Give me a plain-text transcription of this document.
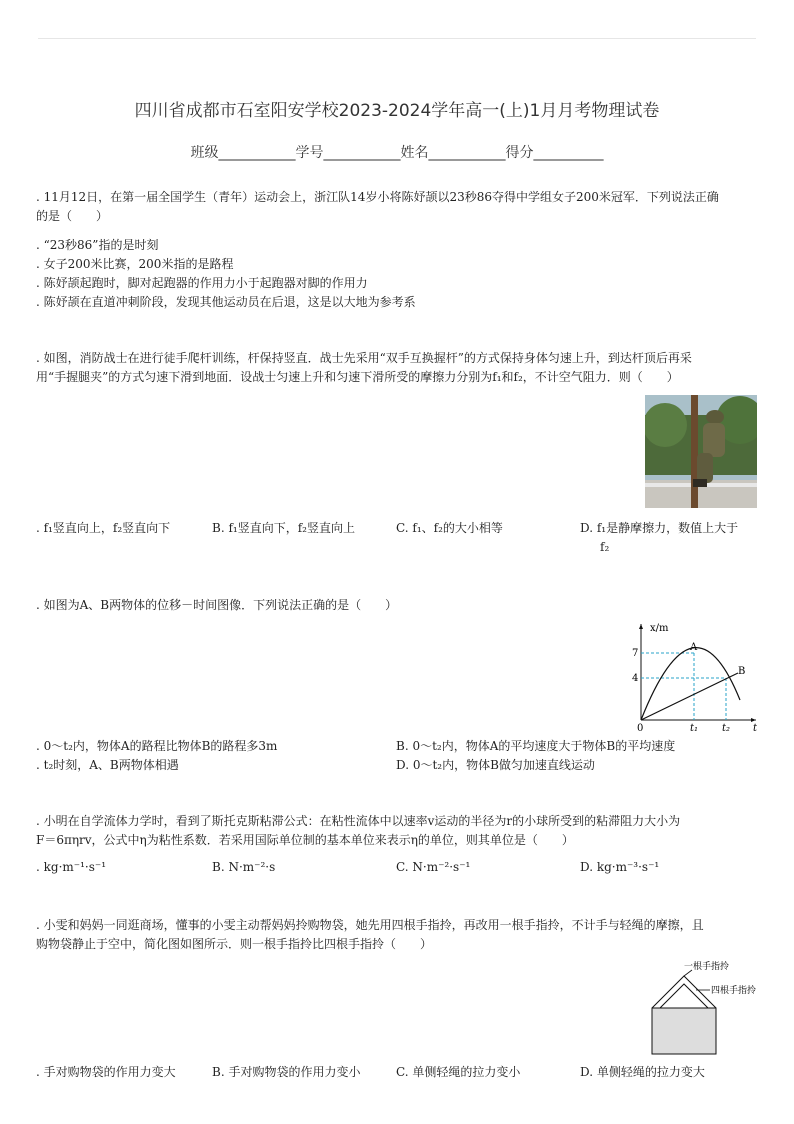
四川省成都市石室阳安学校2023-2024学年高一(上)1月月考物理试卷
班级___________学号___________姓名___________得分__________
. 11月12日，在第一届全国学生（青年）运动会上，浙江队14岁小将陈妤颉以23秒86夺得中学组女子200米冠军．下列说法正确
的是（　　）
. “23秒86”指的是时刻
. 女子200米比赛，200米指的是路程
. 陈妤颉起跑时，脚对起跑器的作用力小于起跑器对脚的作用力
. 陈妤颉在直道冲刺阶段，发现其他运动员在后退，这是以大地为参考系
. 如图，消防战士在进行徒手爬杆训练，杆保持竖直．战士先采用“双手互换握杆”的方式保持身体匀速上升，到达杆顶后再采
用“手握腿夹”的方式匀速下滑到地面．设战士匀速上升和匀速下滑所受的摩擦力分别为f₁和f₂，不计空气阻力．则（　　）
. f₁竖直向上，f₂竖直向下	B. f₁竖直向下，f₂竖直向上	C. f₁、f₂的大小相等	D. f₁是静摩擦力，数值上大于
f₂
. 如图为A、B两物体的位移－时间图像．下列说法正确的是（　　）
x/m
7
4
0	t₁ t₂ t
A
B
. 0～t₂内，物体A的路程比物体B的路程多3m	B. 0～t₂内，物体A的平均速度大于物体B的平均速度
. t₂时刻，A、B两物体相遇	D. 0～t₂内，物体B做匀加速直线运动
. 小明在自学流体力学时，看到了斯托克斯粘滞公式：在粘性流体中以速率v运动的半径为r的小球所受到的粘滞阻力大小为
F＝6πηrv，公式中η为粘性系数．若采用国际单位制的基本单位来表示η的单位，则其单位是（　　）
. kg·m⁻¹·s⁻¹	B. N·m⁻²·s	C. N·m⁻²·s⁻¹	D. kg·m⁻³·s⁻¹
. 小雯和妈妈一同逛商场，懂事的小雯主动帮妈妈拎购物袋，她先用四根手指拎，再改用一根手指拎，不计手与轻绳的摩擦，且
购物袋静止于空中，简化图如图所示．则一根手指拎比四根手指拎（　　）
一根手指拎
四根手指拎
. 手对购物袋的作用力变大	B. 手对购物袋的作用力变小	C. 单侧轻绳的拉力变小	D. 单侧轻绳的拉力变大
